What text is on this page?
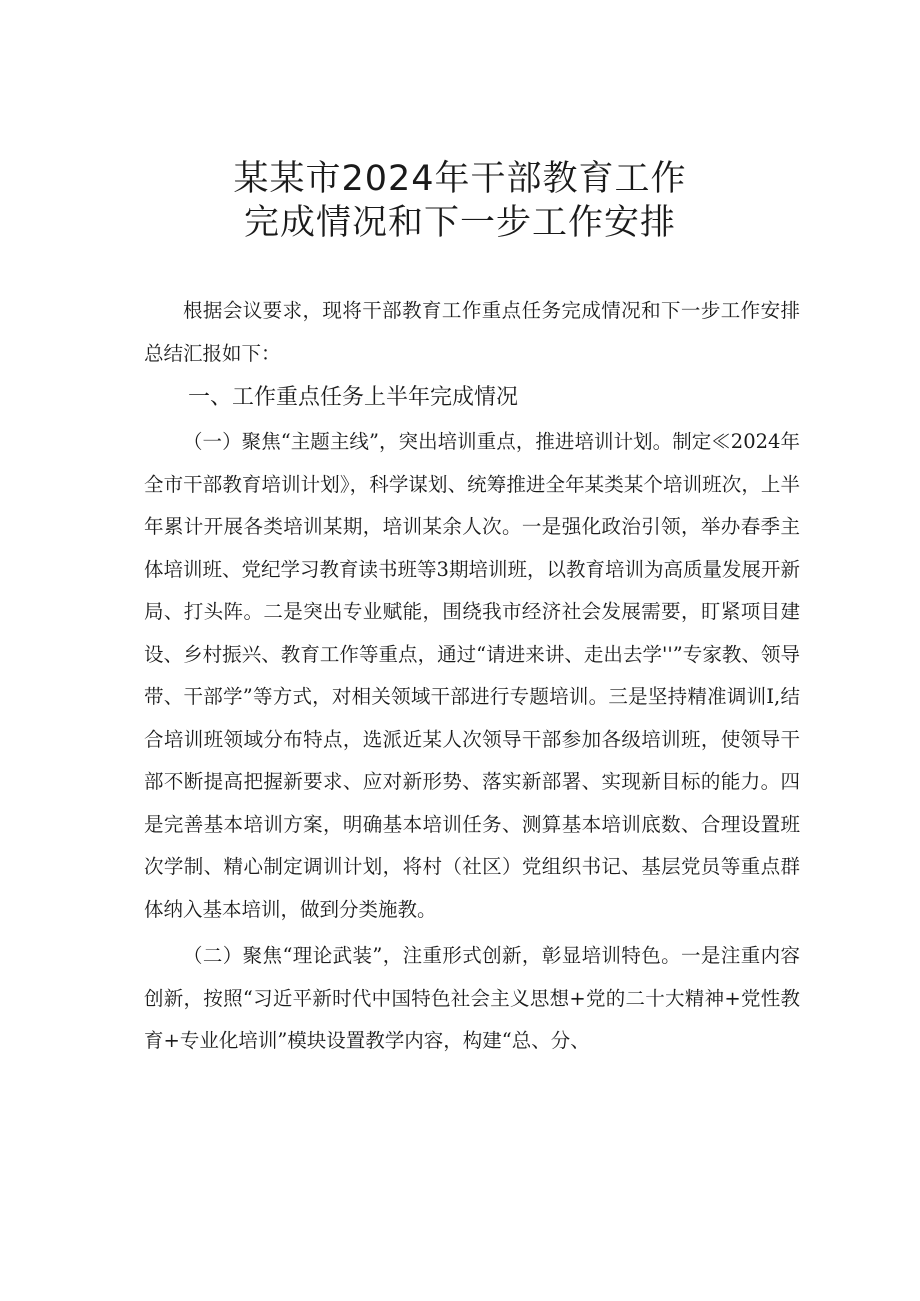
某某市2024年干部教育工作
完成情况和下一步工作安排

根据会议要求，现将干部教育工作重点任务完成情况和下一步工作安排总结汇报如下：

一、工作重点任务上半年完成情况

（一）聚焦“主题主线”，突出培训重点，推进培训计划。制定≪2024年全市干部教育培训计划》，科学谋划、统筹推进全年某类某个培训班次，上半年累计开展各类培训某期，培训某余人次。一是强化政治引领，举办春季主体培训班、党纪学习教育读书班等3期培训班，以教育培训为高质量发展开新局、打头阵。二是突出专业赋能，围绕我市经济社会发展需要，盯紧项目建设、乡村振兴、教育工作等重点，通过“请进来讲、走出去学''”专家教、领导带、干部学”等方式，对相关领域干部进行专题培训。三是坚持精准调训I,结合培训班领域分布特点，选派近某人次领导干部参加各级培训班，使领导干部不断提高把握新要求、应对新形势、落实新部署、实现新目标的能力。四是完善基本培训方案，明确基本培训任务、测算基本培训底数、合理设置班次学制、精心制定调训计划，将村（社区）党组织书记、基层党员等重点群体纳入基本培训，做到分类施教。

（二）聚焦“理论武装”，注重形式创新，彰显培训特色。一是注重内容创新，按照“习近平新时代中国特色社会主义思想+党的二十大精神+党性教育+专业化培训”模块设置教学内容，构建“总、分、
